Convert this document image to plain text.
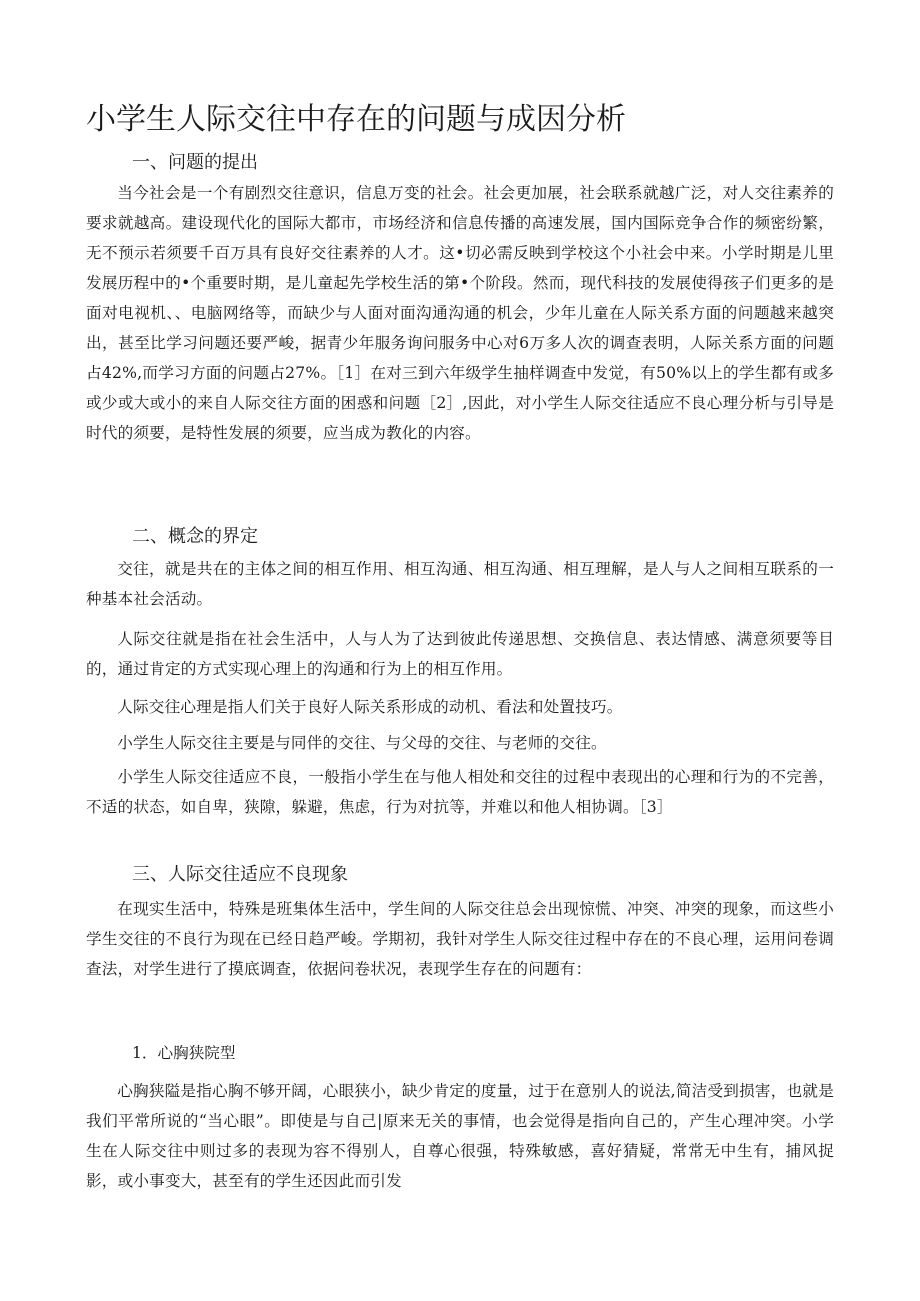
小学生人际交往中存在的问题与成因分析
一、问题的提出

当今社会是一个有剧烈交往意识，信息万变的社会。社会更加展，社会联系就越广泛，对人交往素养的要求就越高。建设现代化的国际大都市，市场经济和信息传播的高速发展，国内国际竞争合作的频密纷繁，无不预示若须要千百万具有良好交往素养的人才。这•切必需反映到学校这个小社会中来。小学时期是儿里发展历程中的•个重要时期，是儿童起先学校生活的第•个阶段。然而，现代科技的发展使得孩子们更多的是面对电视机、、电脑网络等，而缺少与人面对面沟通沟通的机会，少年儿童在人际关系方面的问题越来越突出，甚至比学习问题还要严峻，据青少年服务询问服务中心对6万多人次的调查表明，人际关系方面的问题占42%,而学习方面的问题占27%。［1］在对三到六年级学生抽样调查中发觉，有50%以上的学生都有或多或少或大或小的来自人际交往方面的困惑和问题［2］,因此，对小学生人际交往适应不良心理分析与引导是时代的须要，是特性发展的须要，应当成为教化的内容。

二、概念的界定

交往，就是共在的主体之间的相互作用、相互沟通、相互沟通、相互理解，是人与人之间相互联系的一种基本社会活动。

人际交往就是指在社会生活中，人与人为了达到彼此传递思想、交换信息、表达情感、满意须要等目的，通过肯定的方式实现心理上的沟通和行为上的相互作用。

人际交往心理是指人们关于良好人际关系形成的动机、看法和处置技巧。

小学生人际交往主要是与同伴的交往、与父母的交往、与老师的交往。

小学生人际交往适应不良，一般指小学生在与他人相处和交往的过程中表现出的心理和行为的不完善，不适的状态，如自卑，狭隙，躲避，焦虑，行为对抗等，并难以和他人相协调。［3］

三、人际交往适应不良现象

在现实生活中，特殊是班集体生活中，学生间的人际交往总会出现惊慌、冲突、冲突的现象，而这些小学生交往的不良行为现在已经日趋严峻。学期初，我针对学生人际交往过程中存在的不良心理，运用问卷调查法，对学生进行了摸底调查，依据问卷状况，表现学生存在的问题有：

1．心胸狭院型

心胸狭隘是指心胸不够开阔，心眼狭小，缺少肯定的度量，过于在意别人的说法,简洁受到损害，也就是我们平常所说的“当心眼”。即使是与自己|原来无关的事情，也会觉得是指向自己的，产生心理冲突。小学生在人际交往中则过多的表现为容不得别人，自尊心很强，特殊敏感，喜好猜疑，常常无中生有，捕风捉影，或小事变大，甚至有的学生还因此而引发
